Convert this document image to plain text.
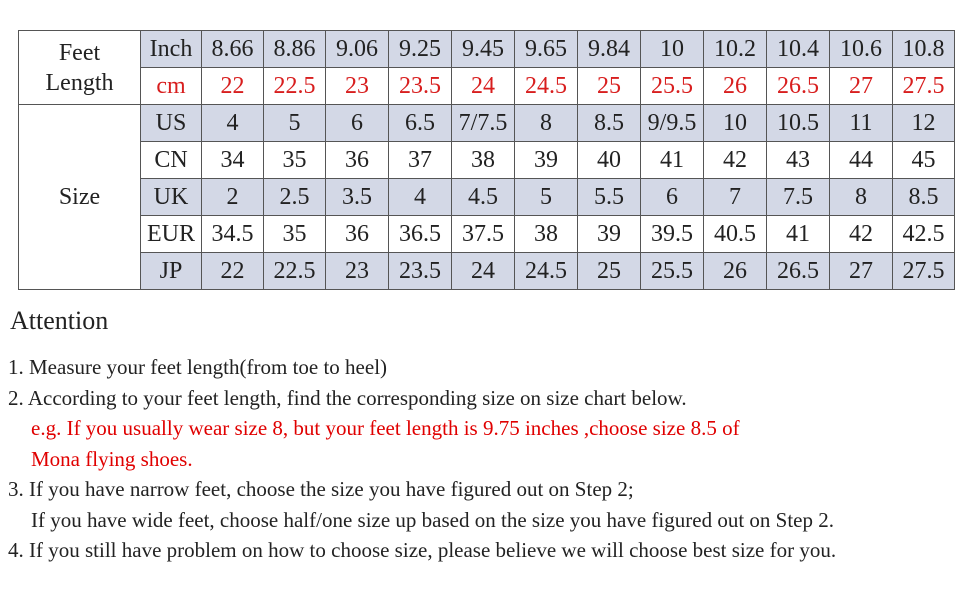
Feet
Length	Inch	8.66	8.86	9.06	9.25	9.45	9.65	9.84	10	10.2	10.4	10.6	10.8
	cm	22	22.5	23	23.5	24	24.5	25	25.5	26	26.5	27	27.5
Size	US	4	5	6	6.5	7/7.5	8	8.5	9/9.5	10	10.5	11	12
	CN	34	35	36	37	38	39	40	41	42	43	44	45
	UK	2	2.5	3.5	4	4.5	5	5.5	6	7	7.5	8	8.5
	EUR	34.5	35	36	36.5	37.5	38	39	39.5	40.5	41	42	42.5
	JP	22	22.5	23	23.5	24	24.5	25	25.5	26	26.5	27	27.5
Attention
1. Measure your feet length(from toe to heel)
2. According to your feet length, find the corresponding size on size chart below.
e.g. If you usually wear size 8, but your feet length is 9.75 inches ,choose size 8.5 of
Mona flying shoes.
3. If you have narrow feet, choose the size you have figured out on Step 2;
If you have wide feet, choose half/one size up based on the size you have figured out on Step 2.
4. If you still have problem on how to choose size, please believe we will choose best size for you.
